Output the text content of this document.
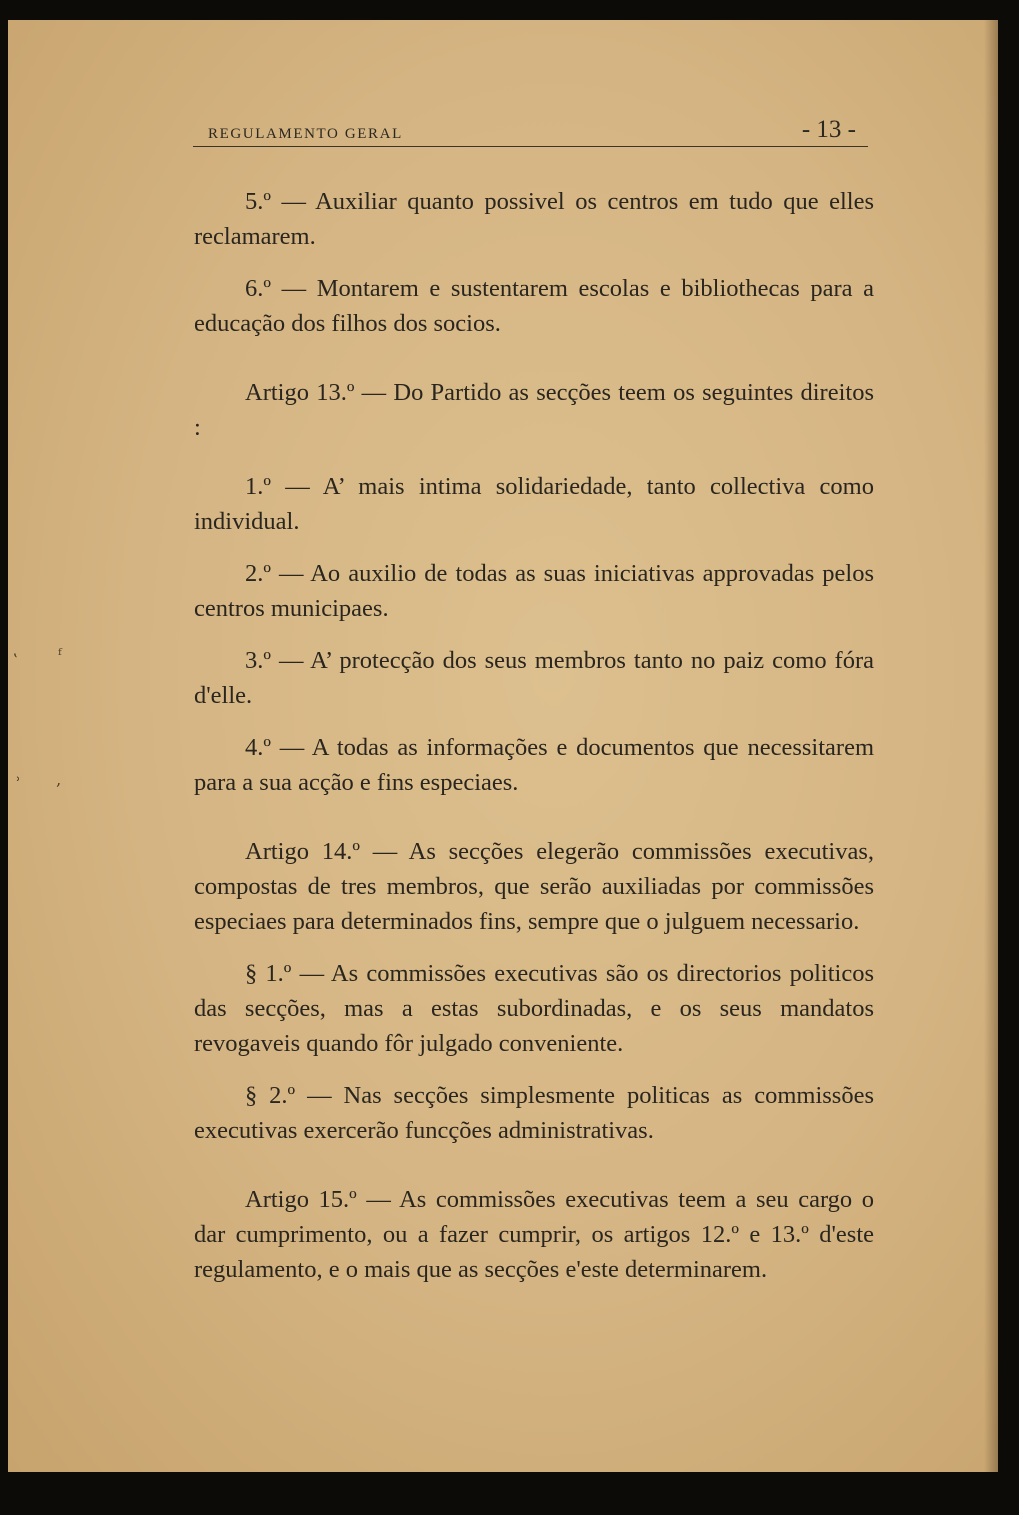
REGULAMENTO GERAL	- 13 -
‛ ᶠ
˒ ‚

5.º — Auxiliar quanto possivel os centros em tudo que elles reclamarem.

6.º — Montarem e sustentarem escolas e bibliothecas para a educação dos filhos dos socios.

Artigo 13.º — Do Partido as secções teem os seguintes direitos :

1.º — A’ mais intima solidariedade, tanto collectiva como individual.

2.º — Ao auxilio de todas as suas iniciativas approvadas pelos centros municipaes.

3.º — A’ protecção dos seus membros tanto no paiz como fóra d'elle.

4.º — A todas as informações e documentos que necessitarem para a sua acção e fins especiaes.

Artigo 14.º — As secções elegerão commissões executivas, compostas de tres membros, que serão auxiliadas por commissões especiaes para determinados fins, sempre que o julguem necessario.

§ 1.º — As commissões executivas são os directorios politicos das secções, mas a estas subordinadas, e os seus mandatos revogaveis quando fôr julgado conveniente.

§ 2.º — Nas secções simplesmente politicas as commissões executivas exercerão funcções administrativas.

Artigo 15.º — As commissões executivas teem a seu cargo o dar cumprimento, ou a fazer cumprir, os artigos 12.º e 13.º d'este regulamento, e o mais que as secções e'este determinarem.
